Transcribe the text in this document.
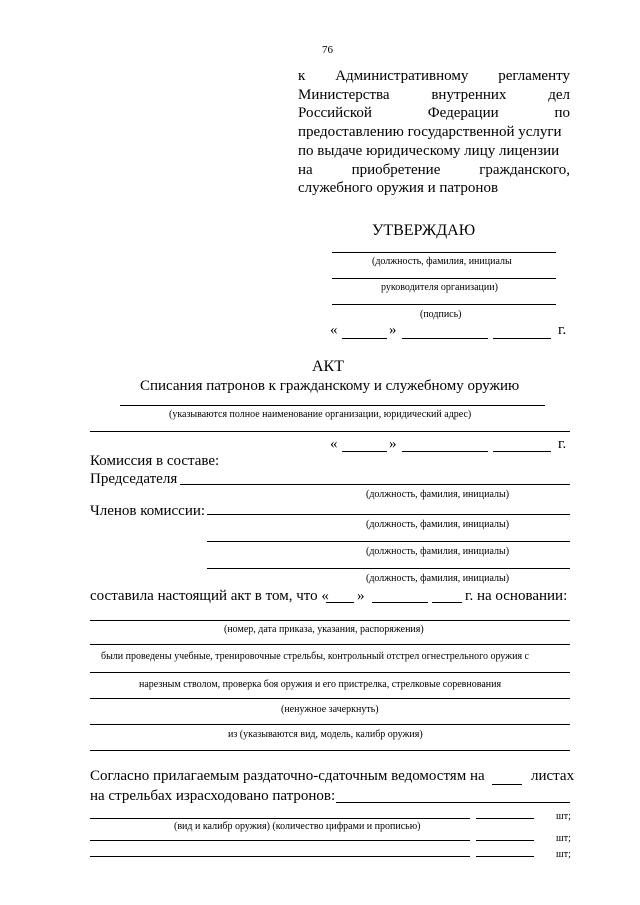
76
к Административному регламенту
Министерства	внутренних	дел
Российской	Федерации	по
предоставлению государственной услуги
по выдаче юридическому лицу лицензии
на	приобретение	гражданского,
служебного оружия и патронов
УТВЕРЖДАЮ
(должность, фамилия, инициалы
руководителя организации)
(подпись)
«	»	г.
АКТ
Списания патронов к гражданскому и служебному оружию
(указываются полное наименование организации, юридический адрес)
«	»	г.
Комиссия в составе:
Председателя
(должность, фамилия, инициалы)
Членов комиссии:
(должность, фамилия, инициалы)
(должность, фамилия, инициалы)
(должность, фамилия, инициалы)
составила настоящий акт в том, что « »	г. на основании:
(номер, дата приказа, указания, распоряжения)
были проведены учебные, тренировочные стрельбы, контрольный отстрел огнестрельного оружия с
нарезным стволом, проверка боя оружия и его пристрелка, стрелковые соревнования
(ненужное зачеркнуть)
из (указываются вид, модель, калибр оружия)
Согласно прилагаемым раздаточно-сдаточным ведомостям на	листах
на стрельбах израсходовано патронов:
шт;
(вид и калибр оружия) (количество цифрами и прописью)
шт;
шт;
